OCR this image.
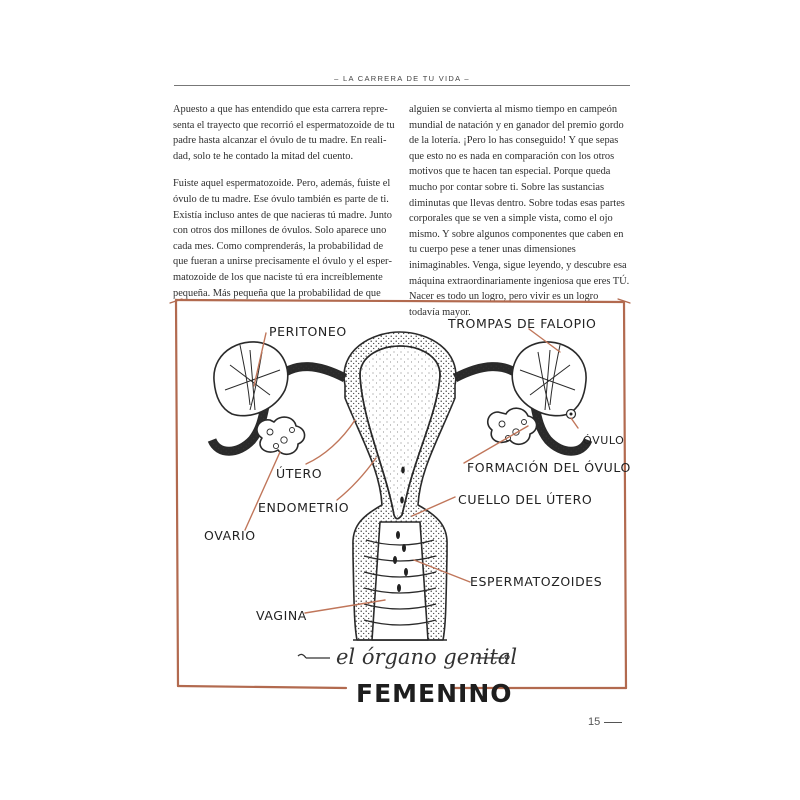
– LA CARRERA DE TU VIDA –

Apuesto a que has entendido que esta carrera representa el trayecto que recorrió el espermatozoide de tu padre hasta alcanzar el óvulo de tu madre. En realidad, solo te he contado la mitad del cuento.

Fuiste aquel espermatozoide. Pero, además, fuiste el óvulo de tu madre. Ese óvulo también es parte de ti. Existía incluso antes de que nacieras tú madre. Junto con otros dos millones de óvulos. Solo aparece uno cada mes. Como comprenderás, la probabilidad de que fueran a unirse precisamente el óvulo y el espermatozoide de los que naciste tú era increíblemente pequeña. Más pequeña que la probabilidad de que

alguien se convierta al mismo tiempo en campeón mundial de natación y en ganador del premio gordo de la lotería. ¡Pero lo has conseguido! Y que sepas que esto no es nada en comparación con los otros motivos que te hacen tan especial. Porque queda mucho por contar sobre ti. Sobre las sustancias diminutas que llevas dentro. Sobre todas esas partes corporales que se ven a simple vista, como el ojo mismo. Y sobre algunos componentes que caben en tu cuerpo pese a tener unas dimensiones inimaginables. Venga, sigue leyendo, y descubre esa máquina extraordinariamente ingeniosa que eres TÚ. Nacer es todo un logro, pero vivir es un logro todavía mayor.

PERITONEO
TROMPAS DE FALOPIO
ÓVULO
ÚTERO	FORMACIÓN DEL ÓVULO
ENDOMETRIO
CUELLO DEL ÚTERO
OVARIO
ESPERMATOZOIDES
VAGINA
el órgano genital
FEMENINO
15
